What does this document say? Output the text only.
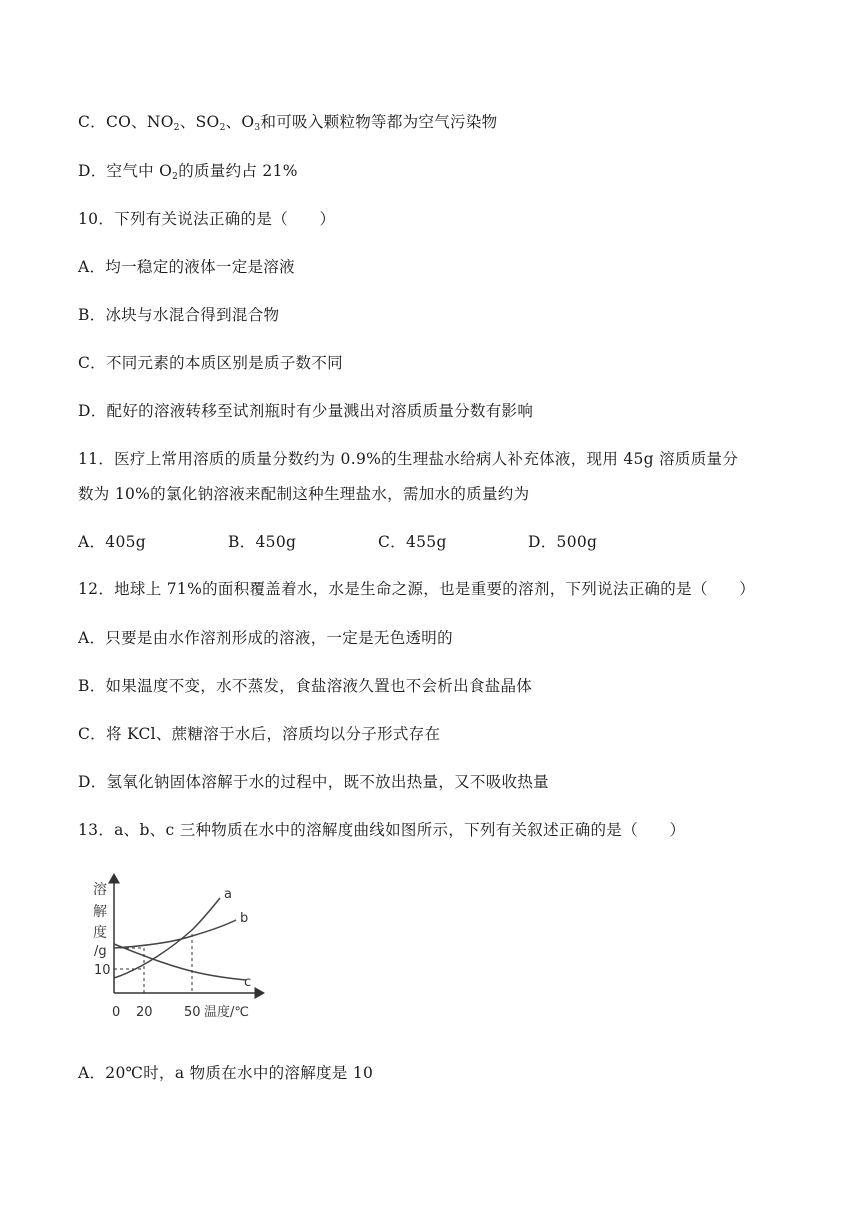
C．CO、$NO_2$、$SO_2$、$O_3$和可吸入颗粒物等都为空气污染物
D．空气中 $O_2$的质量约占 21%
10．下列有关说法正确的是（　　）
A．均一稳定的液体一定是溶液
B．冰块与水混合得到混合物
C．不同元素的本质区别是质子数不同
D．配好的溶液转移至试剂瓶时有少量溅出对溶质质量分数有影响
11．医疗上常用溶质的质量分数约为 0.9%的生理盐水给病人补充体液，现用 45g 溶质质量分
数为 10%的氯化钠溶液来配制这种生理盐水，需加水的质量约为
A．405g	B．450g	C．455g	D．500g
12．地球上 71%的面积覆盖着水，水是生命之源，也是重要的溶剂，下列说法正确的是（　　）
A．只要是由水作溶剂形成的溶液，一定是无色透明的
B．如果温度不变，水不蒸发，食盐溶液久置也不会析出食盐晶体
C．将 KCl、蔗糖溶于水后，溶质均以分子形式存在
D．氢氧化钠固体溶解于水的过程中，既不放出热量，又不吸收热量
13．a、b、c 三种物质在水中的溶解度曲线如图所示，下列有关叙述正确的是（　　）
溶
解
度
/g
10
a
b
c
0 20 50 温度/℃
A．20℃时，a 物质在水中的溶解度是 10
